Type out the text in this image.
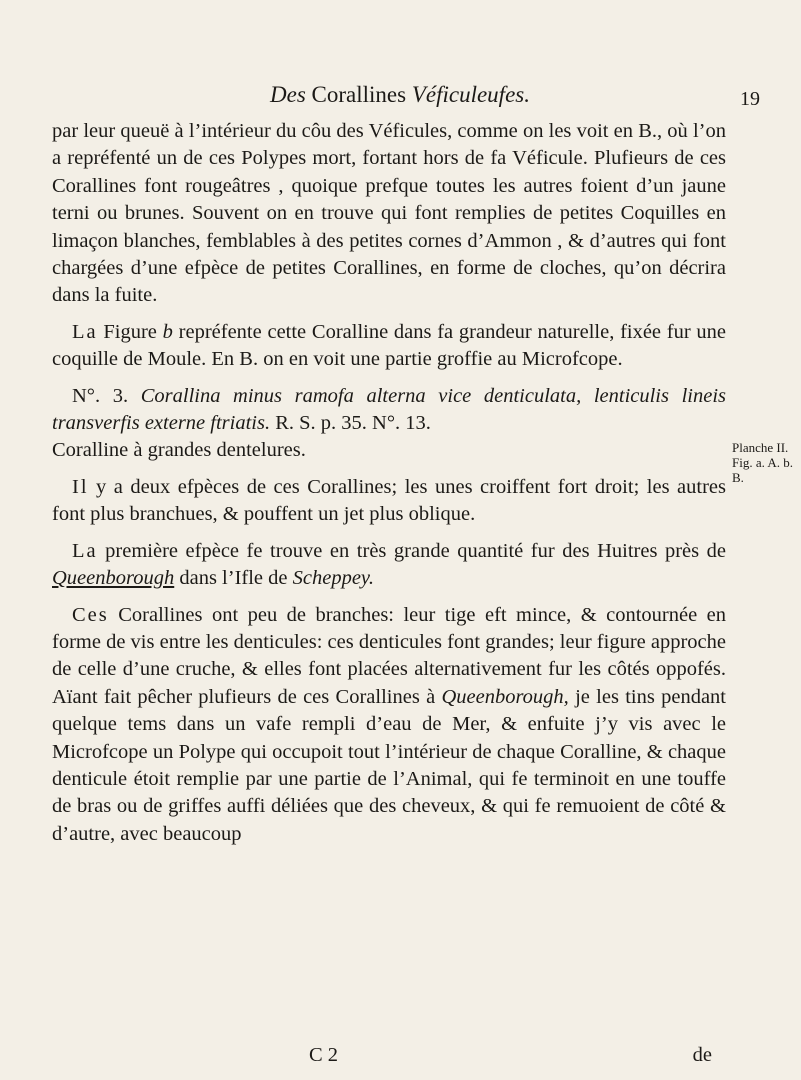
Des Corallines Véficuleufes.	19

par leur queuë à l’intérieur du côu des Véficules, comme on les voit en B., où l’on a repréfenté un de ces Polypes mort, fortant hors de fa Véficule. Plufieurs de ces Corallines font rougeâtres , quoique prefque toutes les autres foient d’un jaune terni ou brunes. Souvent on en trouve qui font remplies de petites Coquilles en limaçon blanches, femblables à des petites cornes d’Ammon , & d’autres qui font chargées d’une efpèce de petites Corallines, en forme de cloches, qu’on décrira dans la fuite.

La Figure b repréfente cette Coralline dans fa grandeur naturelle, fixée fur une coquille de Moule. En B. on en voit une partie groffie au Microfcope.

N°. 3. Corallina minus ramofa alterna vice denticulata, lenticulis lineis transverfis externe ftriatis. R. S. p. 35. N°. 13.
Coralline à grandes dentelures.

Il y a deux efpèces de ces Corallines; les unes croiffent fort droit; les autres font plus branchues, & pouffent un jet plus oblique.

La première efpèce fe trouve en très grande quantité fur des Huitres près de Queenborough dans l’Ifle de Scheppey.

Ces Corallines ont peu de branches: leur tige eft mince, & contournée en forme de vis entre les denticules: ces denticules font grandes; leur figure approche de celle d’une cruche, & elles font placées alternativement fur les côtés oppofés. Aïant fait pêcher plufieurs de ces Corallines à Queenborough, je les tins pendant quelque tems dans un vafe rempli d’eau de Mer, & enfuite j’y vis avec le Microfcope un Polype qui occupoit tout l’intérieur de chaque Coralline, & chaque denticule étoit remplie par une partie de l’Animal, qui fe terminoit en une touffe de bras ou de griffes auffi déliées que des cheveux, & qui fe remuoient de côté & d’autre, avec beaucoup

Planche II.
Fig. a. A. b.
B.
C 2	de
